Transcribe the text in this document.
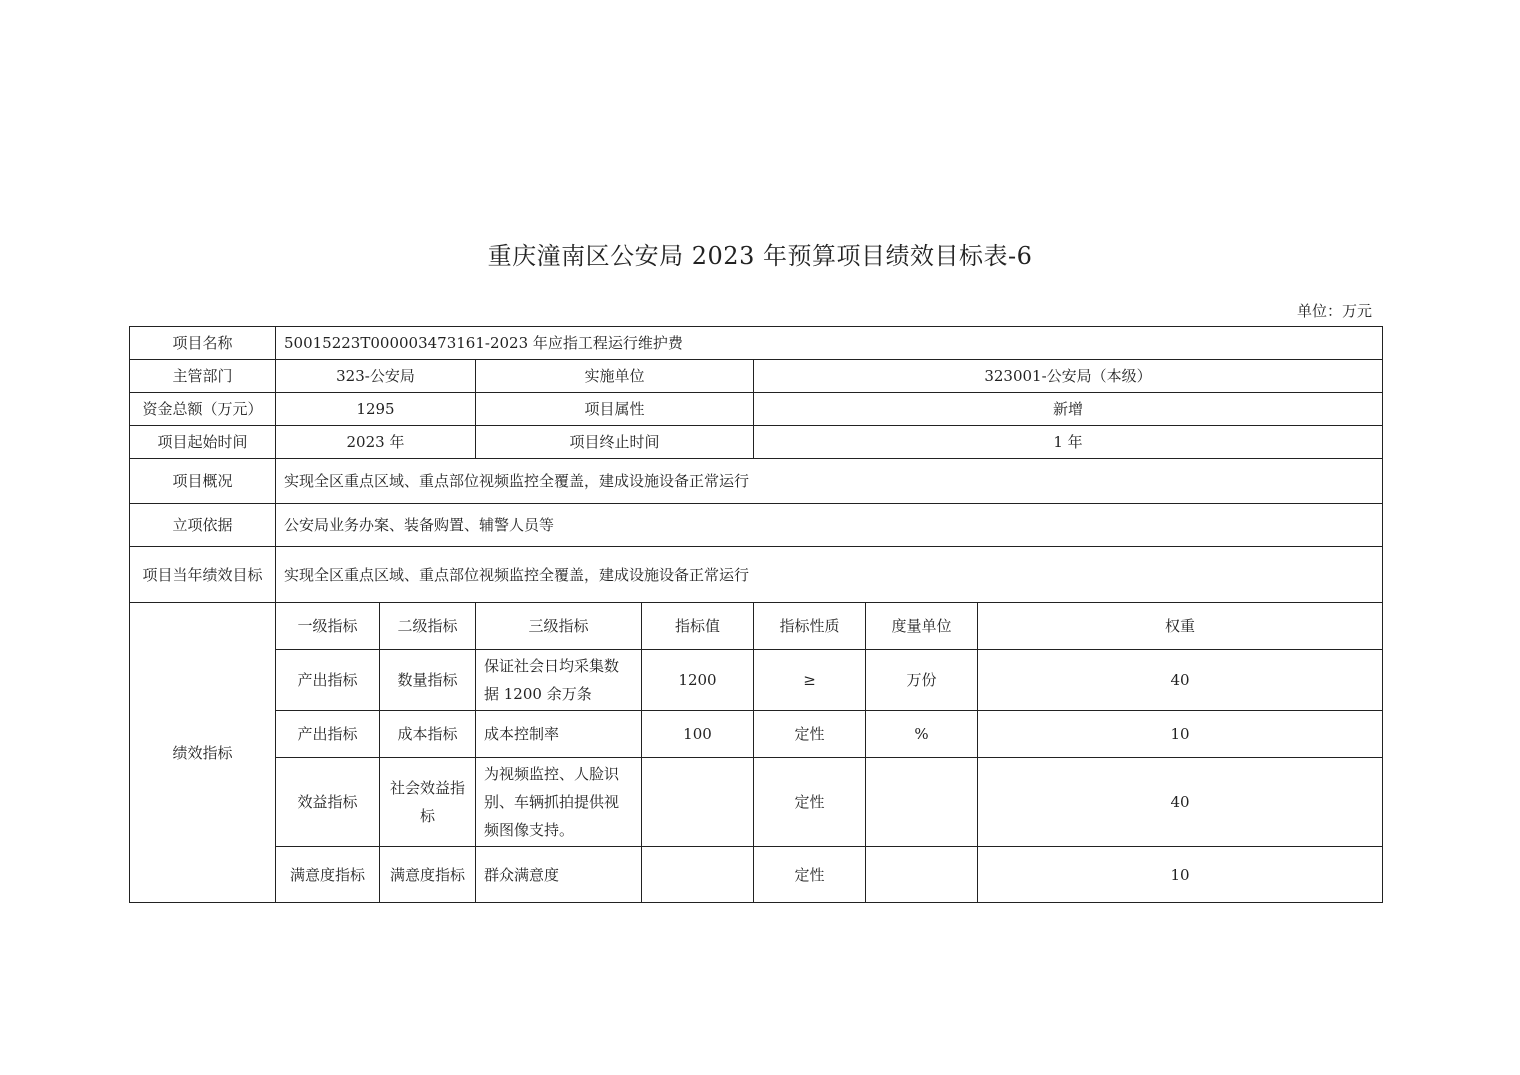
重庆潼南区公安局 2023 年预算项目绩效目标表-6
单位：万元
项目名称	50015223T000003473161-2023 年应指工程运行维护费						
主管部门	323-公安局		实施单位		323001-公安局（本级）		
资金总额（万元）	1295		项目属性		新增		
项目起始时间	2023 年		项目终止时间		1 年		
项目概况	实现全区重点区域、重点部位视频监控全覆盖，建成设施设备正常运行						
立项依据	公安局业务办案、装备购置、辅警人员等						
项目当年绩效目标	实现全区重点区域、重点部位视频监控全覆盖，建成设施设备正常运行						
绩效指标	一级指标	二级指标	三级指标	指标值	指标性质	度量单位	权重
	产出指标	数量指标	保证社会日均采集数据 1200 余万条	1200	≥	万份	40
	产出指标	成本指标	成本控制率	100	定性	%	10
	效益指标	社会效益指标	为视频监控、人脸识别、车辆抓拍提供视频图像支持。		定性		40
	满意度指标	满意度指标	群众满意度		定性		10
